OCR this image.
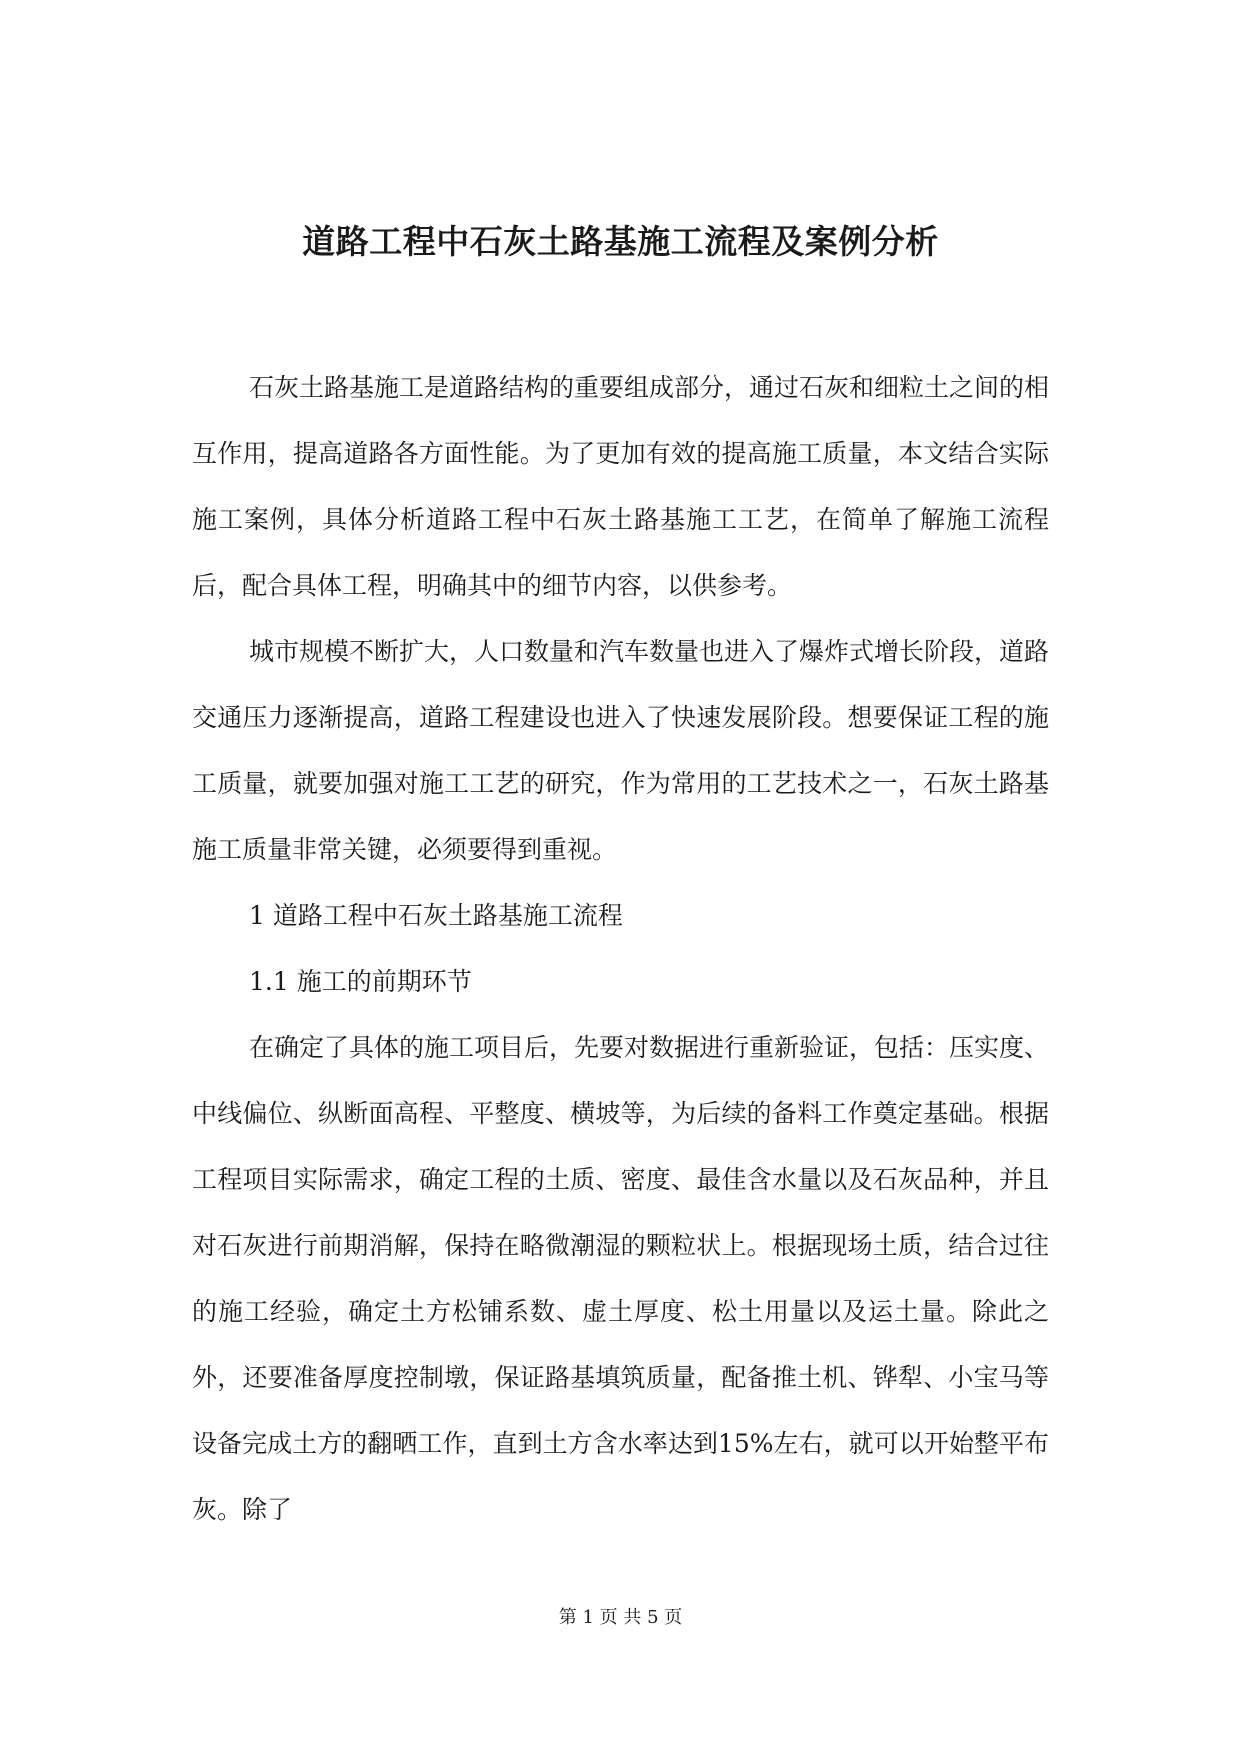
道路工程中石灰土路基施工流程及案例分析

石灰土路基施工是道路结构的重要组成部分，通过石灰和细粒土之间的相互作用，提高道路各方面性能。为了更加有效的提高施工质量，本文结合实际施工案例，具体分析道路工程中石灰土路基施工工艺，在简单了解施工流程后，配合具体工程，明确其中的细节内容，以供参考。

城市规模不断扩大，人口数量和汽车数量也进入了爆炸式增长阶段，道路交通压力逐渐提高，道路工程建设也进入了快速发展阶段。想要保证工程的施工质量，就要加强对施工工艺的研究，作为常用的工艺技术之一，石灰土路基施工质量非常关键，必须要得到重视。

1 道路工程中石灰土路基施工流程

1.1 施工的前期环节

在确定了具体的施工项目后，先要对数据进行重新验证，包括：压实度、中线偏位、纵断面高程、平整度、横坡等，为后续的备料工作奠定基础。根据工程项目实际需求，确定工程的土质、密度、最佳含水量以及石灰品种，并且对石灰进行前期消解，保持在略微潮湿的颗粒状上。根据现场土质，结合过往的施工经验，确定土方松铺系数、虚土厚度、松土用量以及运土量。除此之外，还要准备厚度控制墩，保证路基填筑质量，配备推土机、铧犁、小宝马等设备完成土方的翻晒工作，直到土方含水率达到15%左右，就可以开始整平布灰。除了

第 1 页 共 5 页
